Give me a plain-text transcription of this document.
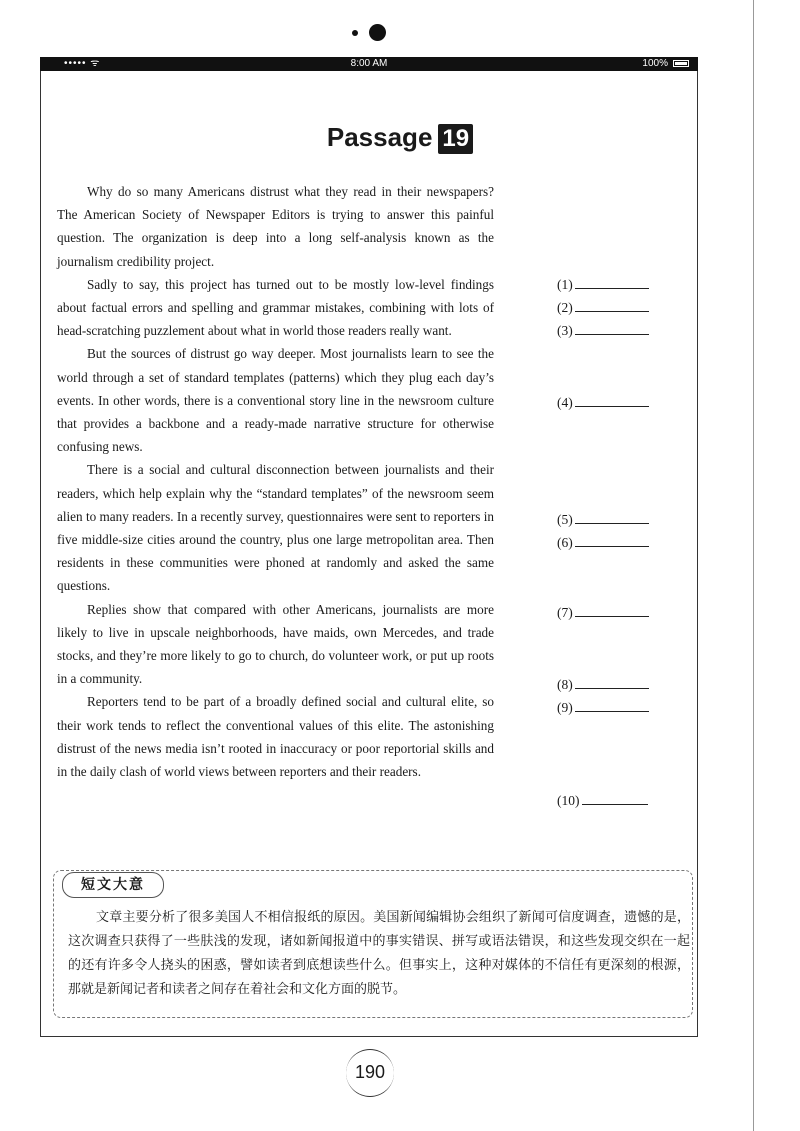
••••• ᯤ	8:00 AM	100%
Passage 19

Why do so many Americans distrust what they read in their newspapers? The American Society of Newspaper Editors is trying to answer this painful question. The organization is deep into a long self-analysis known as the journalism credibility project.

Sadly to say, this project has turned out to be mostly low-level findings about factual errors and spelling and grammar mistakes, combining with lots of head-scratching puzzlement about what in world those readers really want.

But the sources of distrust go way deeper. Most journalists learn to see the world through a set of standard templates (patterns) which they plug each day’s events. In other words, there is a conventional story line in the newsroom culture that provides a backbone and a ready-made narrative structure for otherwise confusing news.

There is a social and cultural disconnection between journalists and their readers, which help explain why the “standard templates” of the newsroom seem alien to many readers. In a recently survey, questionnaires were sent to reporters in five middle-size cities around the country, plus one large metropolitan area. Then residents in these communities were phoned at randomly and asked the same questions.

Replies show that compared with other Americans, journalists are more likely to live in upscale neighborhoods, have maids, own Mercedes, and trade stocks, and they’re more likely to go to church, do volunteer work, or put up roots in a community.

Reporters tend to be part of a broadly defined social and cultural elite, so their work tends to reflect the conventional values of this elite. The astonishing distrust of the news media isn’t rooted in inaccuracy or poor reportorial skills and in the daily clash of world views between reporters and their readers.

(1)
(2)
(3)
(4)
(5)
(6)
(7)
(8)
(9)
(10)
短文大意

文章主要分析了很多美国人不相信报纸的原因。美国新闻编辑协会组织了新闻可信度调查，遗憾的是，这次调查只获得了一些肤浅的发现，诸如新闻报道中的事实错误、拼写或语法错误，和这些发现交织在一起的还有许多令人挠头的困惑，譬如读者到底想读些什么。但事实上，这种对媒体的不信任有更深刻的根源，那就是新闻记者和读者之间存在着社会和文化方面的脱节。

190
